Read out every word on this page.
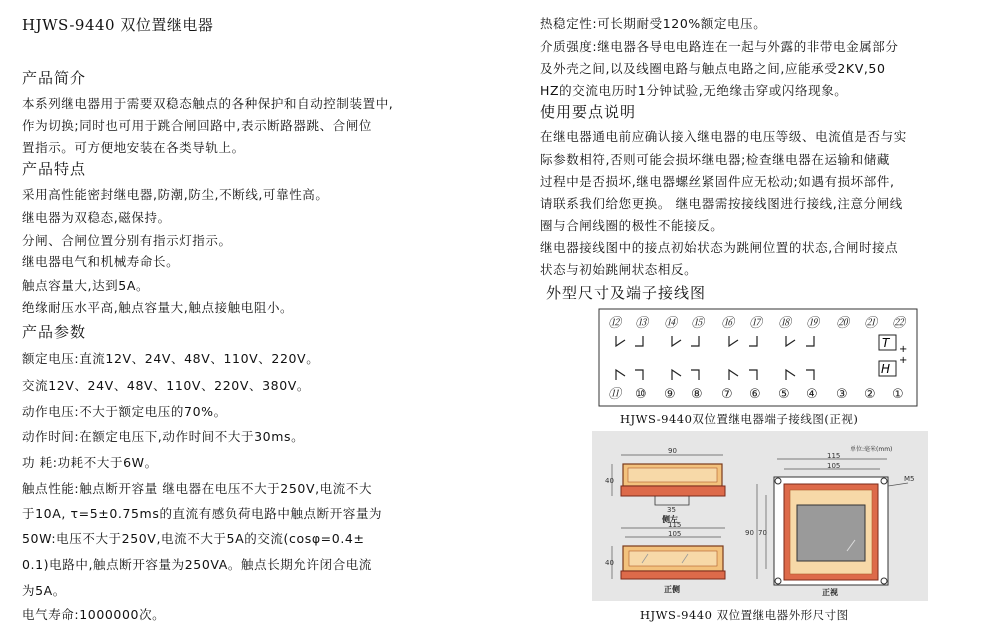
HJWS-9440 双位置继电器
产品简介
本系列继电器用于需要双稳态触点的各种保护和自动控制装置中,
作为切换;同时也可用于跳合闸回路中,表示断路器跳、合闸位
置指示。可方便地安装在各类导轨上。
产品特点
采用高性能密封继电器,防潮,防尘,不断线,可靠性高。
继电器为双稳态,磁保持。
分闸、合闸位置分别有指示灯指示。
继电器电气和机械寿命长。
触点容量大,达到5A。
绝缘耐压水平高,触点容量大,触点接触电阻小。
产品参数
额定电压:直流12V、24V、48V、110V、220V。
交流12V、24V、48V、110V、220V、380V。
动作电压:不大于额定电压的70%。
动作时间:在额定电压下,动作时间不大于30ms。
功 耗:功耗不大于6W。
触点性能:触点断开容量 继电器在电压不大于250V,电流不大
于10A, τ=5±0.75ms的直流有感负荷电路中触点断开容量为
50W:电压不大于250V,电流不大于5A的交流(cosφ=0.4±
0.1)电路中,触点断开容量为250VA。触点长期允许闭合电流
为5A。
电气寿命:1000000次。
热稳定性:可长期耐受120%额定电压。
介质强度:继电器各导电电路连在一起与外露的非带电金属部分
及外壳之间,以及线圈电路与触点电路之间,应能承受2KV,50
HZ的交流电历时1分钟试验,无绝缘击穿或闪络现象。
使用要点说明
在继电器通电前应确认接入继电器的电压等级、电流值是否与实
际参数相符,否则可能会损坏继电器;检查继电器在运输和储藏
过程中是否损坏,继电器螺丝紧固件应无松动;如遇有损坏部件,
请联系我们给您更换。 继电器需按接线图进行接线,注意分闸线
圈与合闸线圈的极性不能接反。
继电器接线图中的接点初始状态为跳闸位置的状态,合闸时接点
状态与初始跳闸状态相反。
外型尺寸及端子接线图
⑫ ⑬ ⑭ ⑮ ⑯ ⑰ ⑱ ⑲ ⑳ ㉑ ㉒
T +
H
+
⑪ ⑩ ⑨ ⑧ ⑦ ⑥ ⑤ ④ ③ ② ①
HJWS-9440双位置继电器端子接线图(正视)
90
40
35
侧左
115
105
40
正侧
单位:毫米(mm)
115
105
90 70
M5
正视
HJWS-9440 双位置继电器外形尺寸图
